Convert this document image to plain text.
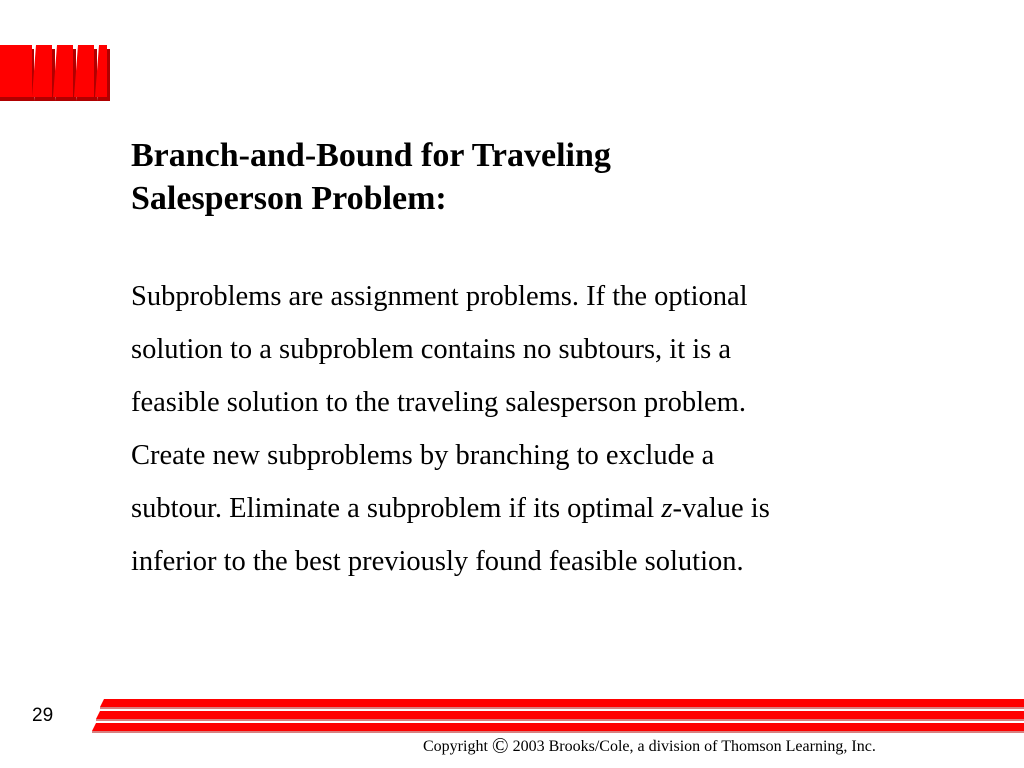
Branch-and-Bound for Traveling
Salesperson Problem:
Subproblems are assignment problems. If the optional
solution to a subproblem contains no subtours, it is a
feasible solution to the traveling salesperson problem.
Create new subproblems by branching to exclude a
subtour. Eliminate a subproblem if its optimal z-value is
inferior to the best previously found feasible solution.
29
Copyright © 2003 Brooks/Cole, a division of Thomson Learning, Inc.
